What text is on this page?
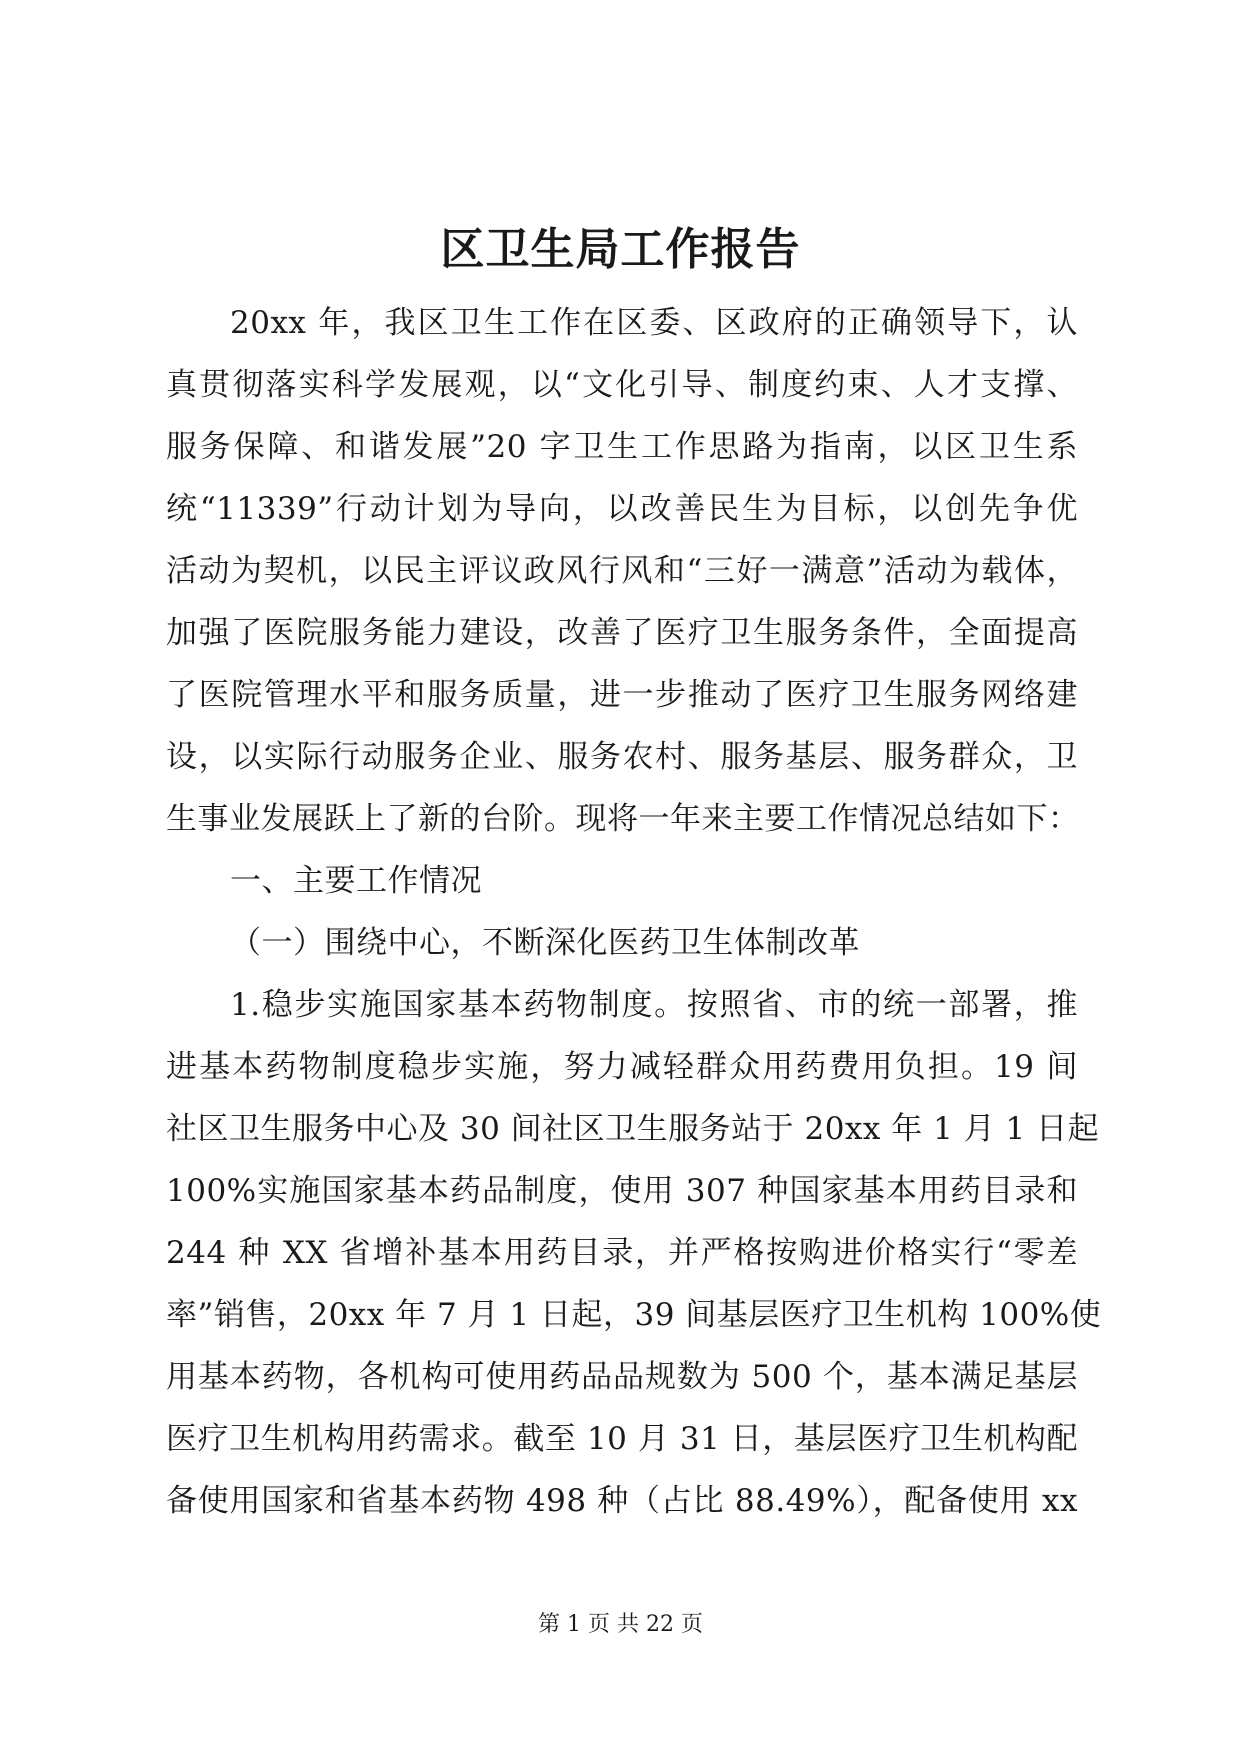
区卫生局工作报告
20xx 年，我区卫生工作在区委、区政府的正确领导下，认
真贯彻落实科学发展观，以“文化引导、制度约束、人才支撑、
服务保障、和谐发展”20 字卫生工作思路为指南，以区卫生系
统“11339”行动计划为导向，以改善民生为目标，以创先争优
活动为契机，以民主评议政风行风和“三好一满意”活动为载体，
加强了医院服务能力建设，改善了医疗卫生服务条件，全面提高
了医院管理水平和服务质量，进一步推动了医疗卫生服务网络建
设，以实际行动服务企业、服务农村、服务基层、服务群众，卫
生事业发展跃上了新的台阶。现将一年来主要工作情况总结如下：
一、主要工作情况
（一）围绕中心，不断深化医药卫生体制改革
1.稳步实施国家基本药物制度。按照省、市的统一部署，推
进基本药物制度稳步实施，努力减轻群众用药费用负担。19 间
社区卫生服务中心及 30 间社区卫生服务站于 20xx 年 1 月 1 日起
100%实施国家基本药品制度，使用 307 种国家基本用药目录和
244 种 XX 省增补基本用药目录，并严格按购进价格实行“零差
率”销售，20xx 年 7 月 1 日起，39 间基层医疗卫生机构 100%使
用基本药物，各机构可使用药品品规数为 500 个，基本满足基层
医疗卫生机构用药需求。截至 10 月 31 日，基层医疗卫生机构配
备使用国家和省基本药物 498 种（占比 88.49%），配备使用 xx
第 1 页 共 22 页
